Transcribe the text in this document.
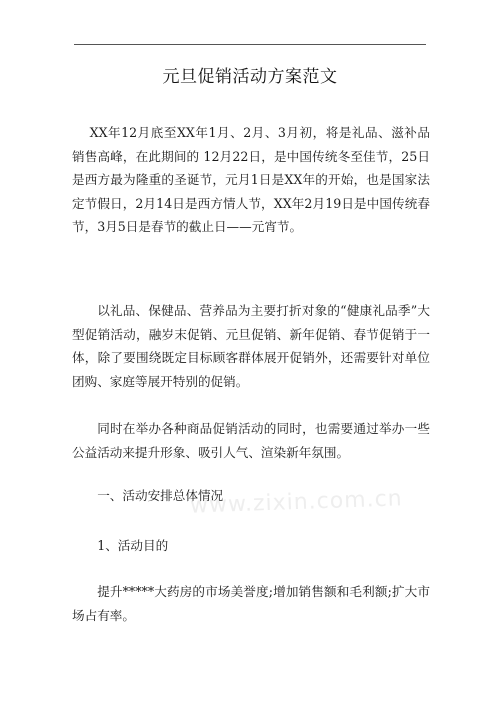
元旦促销活动方案范文

XX年12月底至XX年1月、2月、3月初，将是礼品、滋补品销售高峰，在此期间的 12月22日，是中国传统冬至佳节，25日是西方最为隆重的圣诞节，元月1日是XX年的开始，也是国家法定节假日，2月14日是西方情人节，XX年2月19日是中国传统春节，3月5日是春节的截止日——元宵节。

以礼品、保健品、营养品为主要打折对象的“健康礼品季”大型促销活动，融岁末促销、元旦促销、新年促销、春节促销于一体，除了要围绕既定目标顾客群体展开促销外，还需要针对单位团购、家庭等展开特别的促销。

同时在举办各种商品促销活动的同时，也需要通过举办一些公益活动来提升形象、吸引人气、渲染新年氛围。

一、活动安排总体情况

1、活动目的

提升*****大药房的市场美誉度;增加销售额和毛利额;扩大市场占有率。

www.zixin.com.cn
